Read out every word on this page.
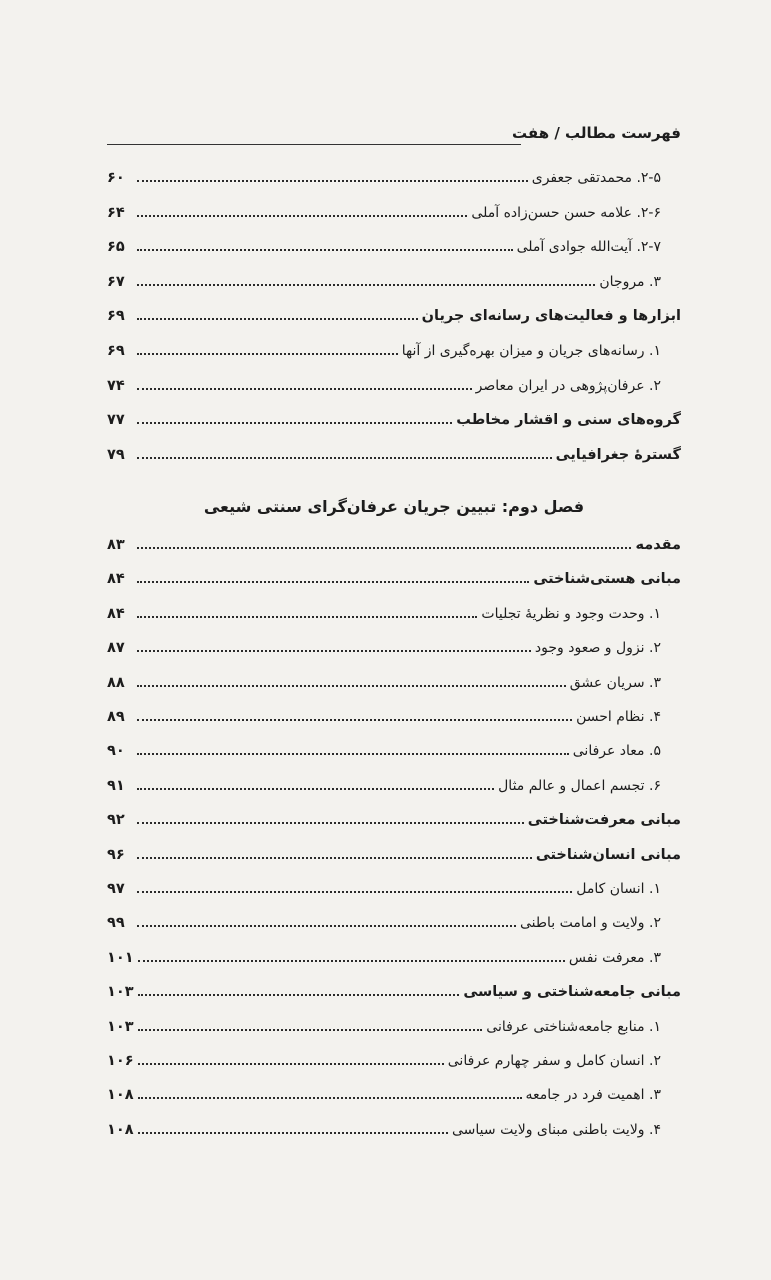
فهرست مطالب / هفت
۲-۵. محمدتقی جعفری
۶۰
۲-۶. علامه حسن حسن‌زاده آملی
۶۴
۲-۷. آیت‌الله جوادی آملی
۶۵
۳. مروجان
۶۷
ابزارها و فعالیت‌های رسانه‌ای جریان
۶۹
۱. رسانه‌های جریان و میزان بهره‌گیری از آنها
۶۹
۲. عرفان‌پژوهی در ایران معاصر
۷۴
گروه‌های سنی و اقشار مخاطب
۷۷
گسترهٔ جغرافیایی
۷۹
فصل دوم: تبیین جریان عرفان‌گرای سنتی شیعی
مقدمه
۸۳
مبانی هستی‌شناختی
۸۴
۱. وحدت وجود و نظریهٔ تجلیات
۸۴
۲. نزول و صعود وجود
۸۷
۳. سریان عشق
۸۸
۴. نظام احسن
۸۹
۵. معاد عرفانی
۹۰
۶. تجسم اعمال و عالم مثال
۹۱
مبانی معرفت‌شناختی
۹۲
مبانی انسان‌شناختی
۹۶
۱. انسان کامل
۹۷
۲. ولایت و امامت باطنی
۹۹
۳. معرفت نفس
۱۰۱
مبانی جامعه‌شناختی و سیاسی
۱۰۳
۱. منابع جامعه‌شناختی عرفانی
۱۰۳
۲. انسان کامل و سفر چهارم عرفانی
۱۰۶
۳. اهمیت فرد در جامعه
۱۰۸
۴. ولایت باطنی مبنای ولایت سیاسی
۱۰۸
